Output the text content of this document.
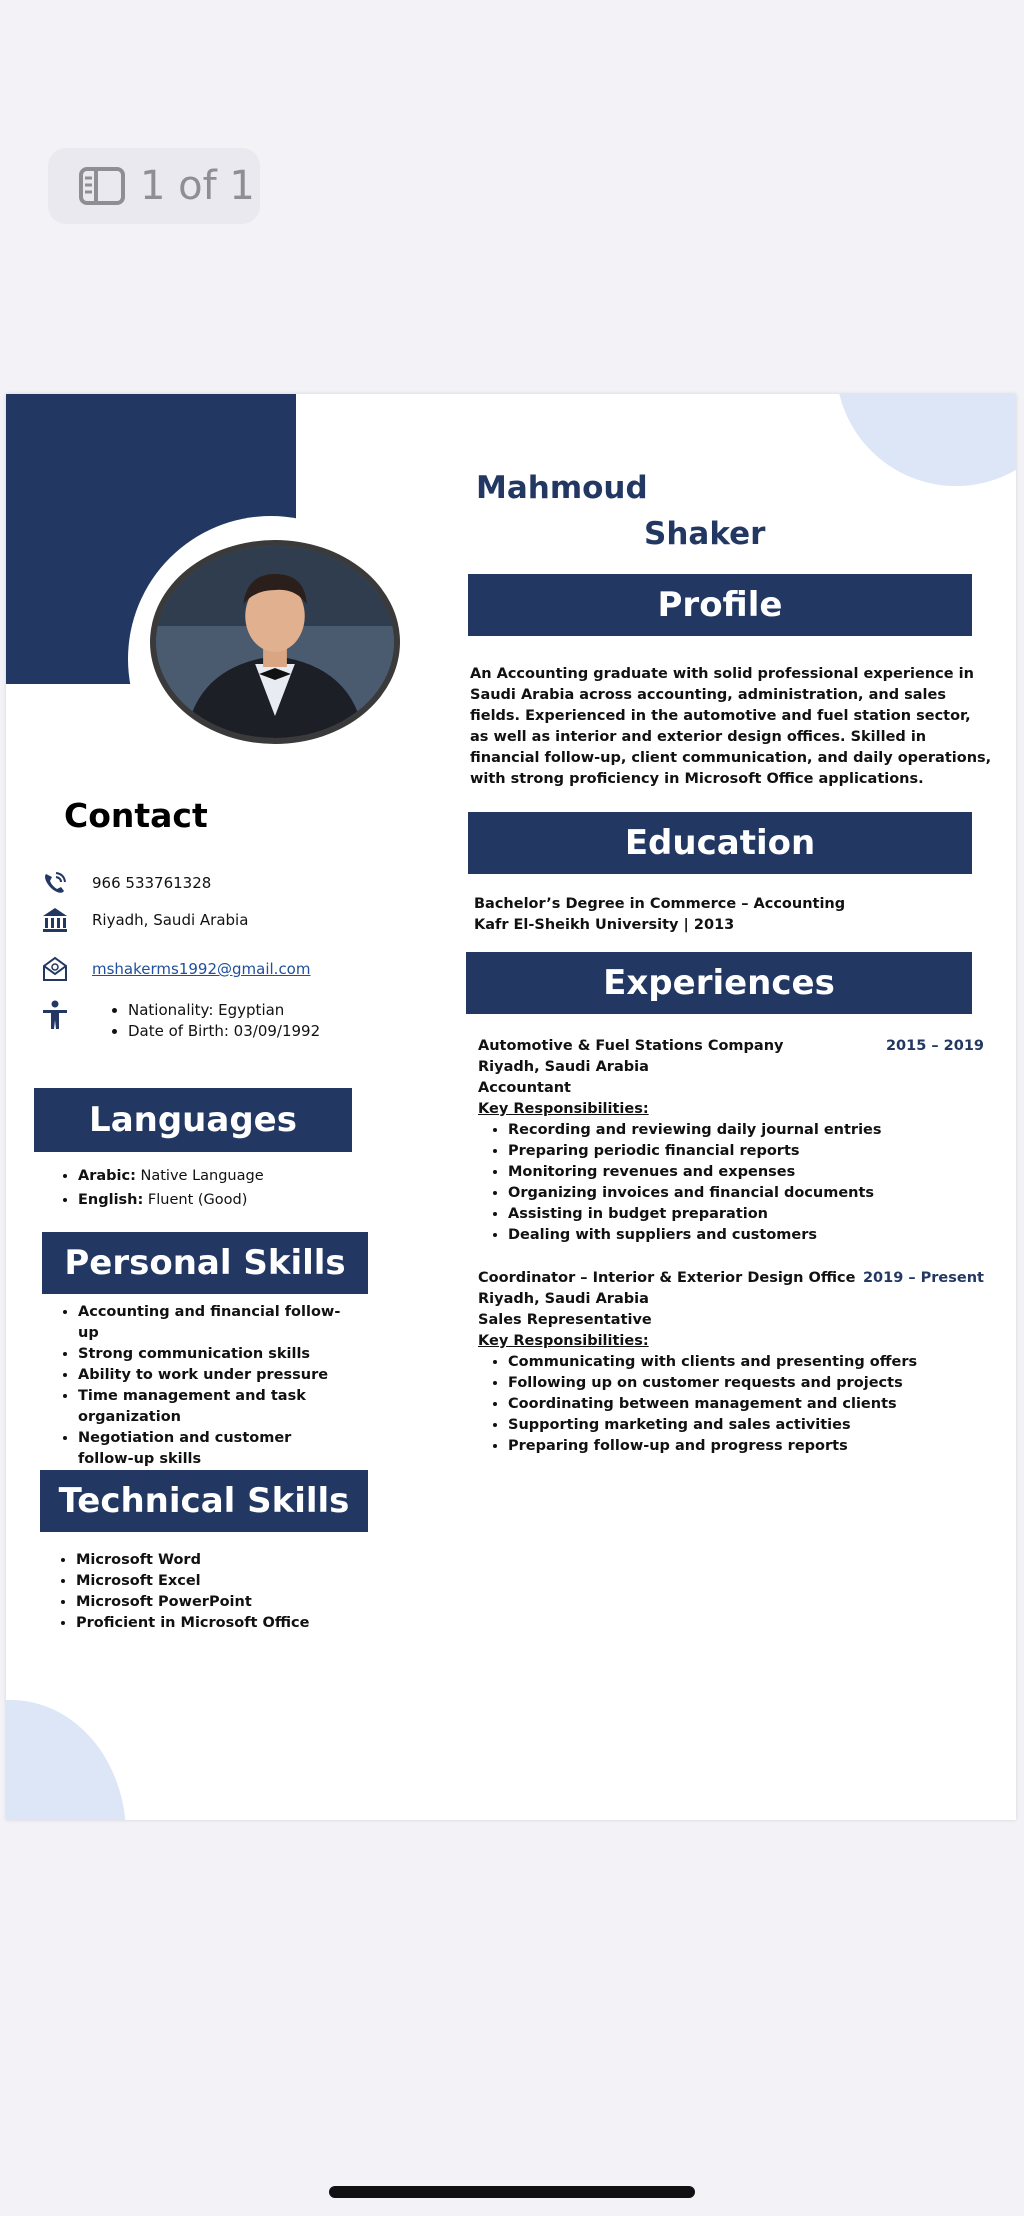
1 of 1
Mahmoud
Shaker
Profile
An Accounting graduate with solid professional experience in Saudi Arabia across accounting, administration, and sales fields. Experienced in the automotive and fuel station sector, as well as interior and exterior design offices. Skilled in financial follow-up, client communication, and daily operations, with strong proficiency in Microsoft Office applications.
Education
Bachelor’s Degree in Commerce – Accounting
Kafr El-Sheikh University | 2013
Experiences
Automotive & Fuel Stations Company	2015 – 2019
Riyadh, Saudi Arabia
Accountant
Key Responsibilities:
• Recording and reviewing daily journal entries
• Preparing periodic financial reports
• Monitoring revenues and expenses
• Organizing invoices and financial documents
• Assisting in budget preparation
• Dealing with suppliers and customers
Coordinator – Interior & Exterior Design Office 2019 – Present
Riyadh, Saudi Arabia
Sales Representative
Key Responsibilities:
• Communicating with clients and presenting offers
• Following up on customer requests and projects
• Coordinating between management and clients
• Supporting marketing and sales activities
• Preparing follow-up and progress reports
Contact
966 533761328
Riyadh, Saudi Arabia
mshakerms1992@gmail.com
• Nationality: Egyptian
• Date of Birth: 03/09/1992
Languages
• Arabic: Native Language
• English: Fluent (Good)
Personal Skills
• Accounting and financial follow-up
• Strong communication skills
• Ability to work under pressure
• Time management and task organization
• Negotiation and customer follow-up skills
Technical Skills
• Microsoft Word
• Microsoft Excel
• Microsoft PowerPoint
• Proficient in Microsoft Office
